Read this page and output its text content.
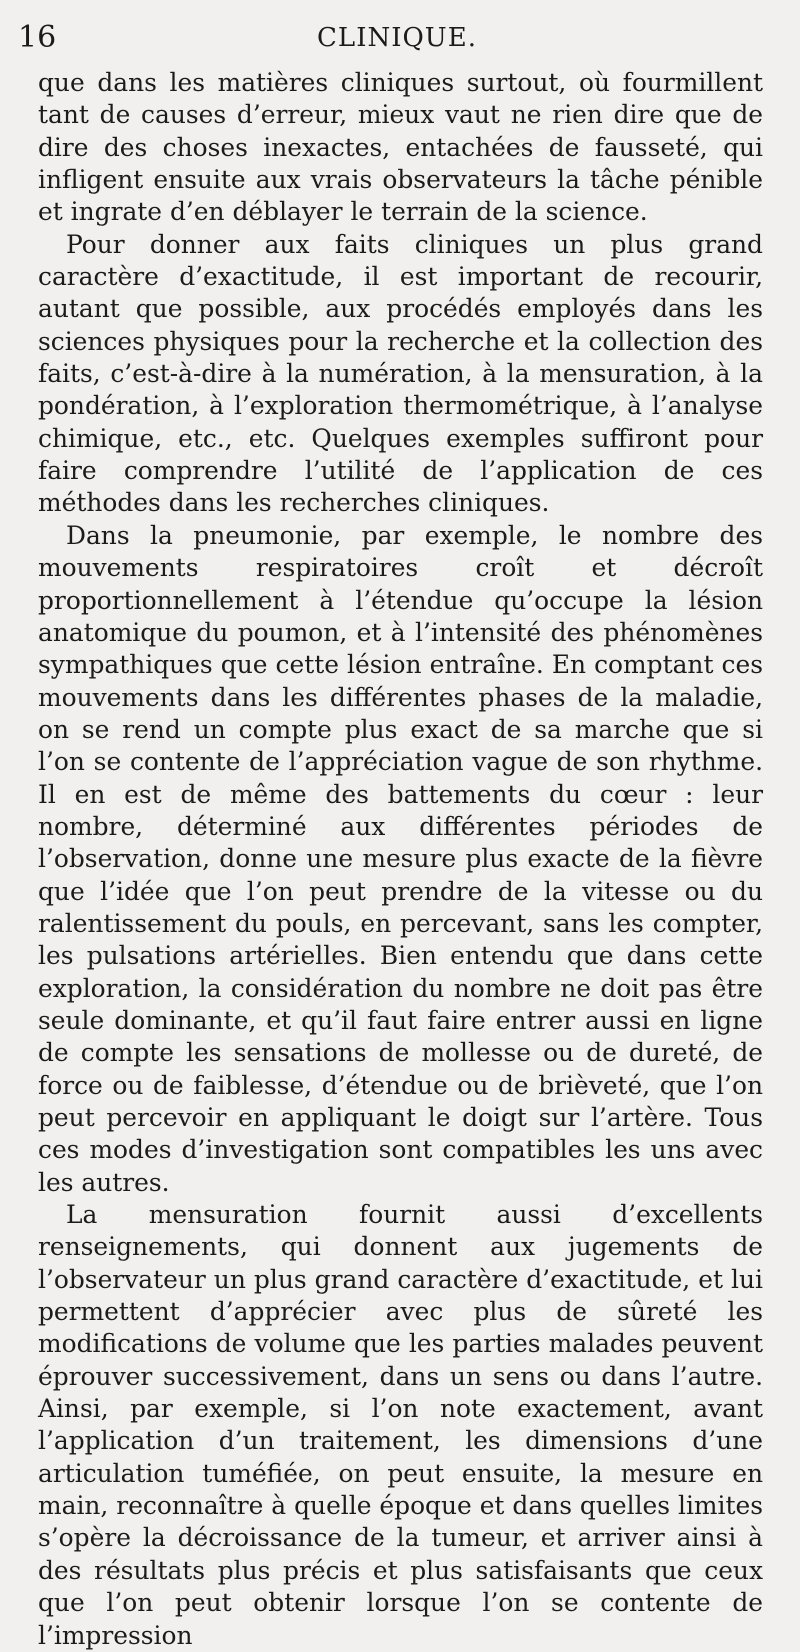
16	CLINIQUE.

que dans les matières cliniques surtout, où fourmillent tant de causes d’erreur, mieux vaut ne rien dire que de dire des choses inexactes, entachées de fausseté, qui infligent ensuite aux vrais observateurs la tâche pénible et ingrate d’en déblayer le terrain de la science.

Pour donner aux faits cliniques un plus grand caractère d’exactitude, il est important de recourir, autant que possible, aux procédés employés dans les sciences physiques pour la recherche et la collection des faits, c’est-à-dire à la numération, à la mensuration, à la pondération, à l’exploration thermométrique, à l’analyse chimique, etc., etc. Quelques exemples suffiront pour faire comprendre l’utilité de l’application de ces méthodes dans les recherches cliniques.

Dans la pneumonie, par exemple, le nombre des mouvements respiratoires croît et décroît proportionnellement à l’étendue qu’occupe la lésion anatomique du poumon, et à l’intensité des phénomènes sympathiques que cette lésion entraîne. En comptant ces mouvements dans les différentes phases de la maladie, on se rend un compte plus exact de sa marche que si l’on se contente de l’appréciation vague de son rhythme. Il en est de même des battements du cœur : leur nombre, déterminé aux différentes périodes de l’observation, donne une mesure plus exacte de la fièvre que l’idée que l’on peut prendre de la vitesse ou du ralentissement du pouls, en percevant, sans les compter, les pulsations artérielles. Bien entendu que dans cette exploration, la considération du nombre ne doit pas être seule dominante, et qu’il faut faire entrer aussi en ligne de compte les sensations de mollesse ou de dureté, de force ou de faiblesse, d’étendue ou de brièveté, que l’on peut percevoir en appliquant le doigt sur l’artère. Tous ces modes d’investigation sont compatibles les uns avec les autres.

La mensuration fournit aussi d’excellents renseignements, qui donnent aux jugements de l’observateur un plus grand caractère d’exactitude, et lui permettent d’apprécier avec plus de sûreté les modifications de volume que les parties malades peuvent éprouver successivement, dans un sens ou dans l’autre. Ainsi, par exemple, si l’on note exactement, avant l’application d’un traitement, les dimensions d’une articulation tuméfiée, on peut ensuite, la mesure en main, reconnaître à quelle époque et dans quelles limites s’opère la décroissance de la tumeur, et arriver ainsi à des résultats plus précis et plus satisfaisants que ceux que l’on peut obtenir lorsque l’on se contente de l’impression
